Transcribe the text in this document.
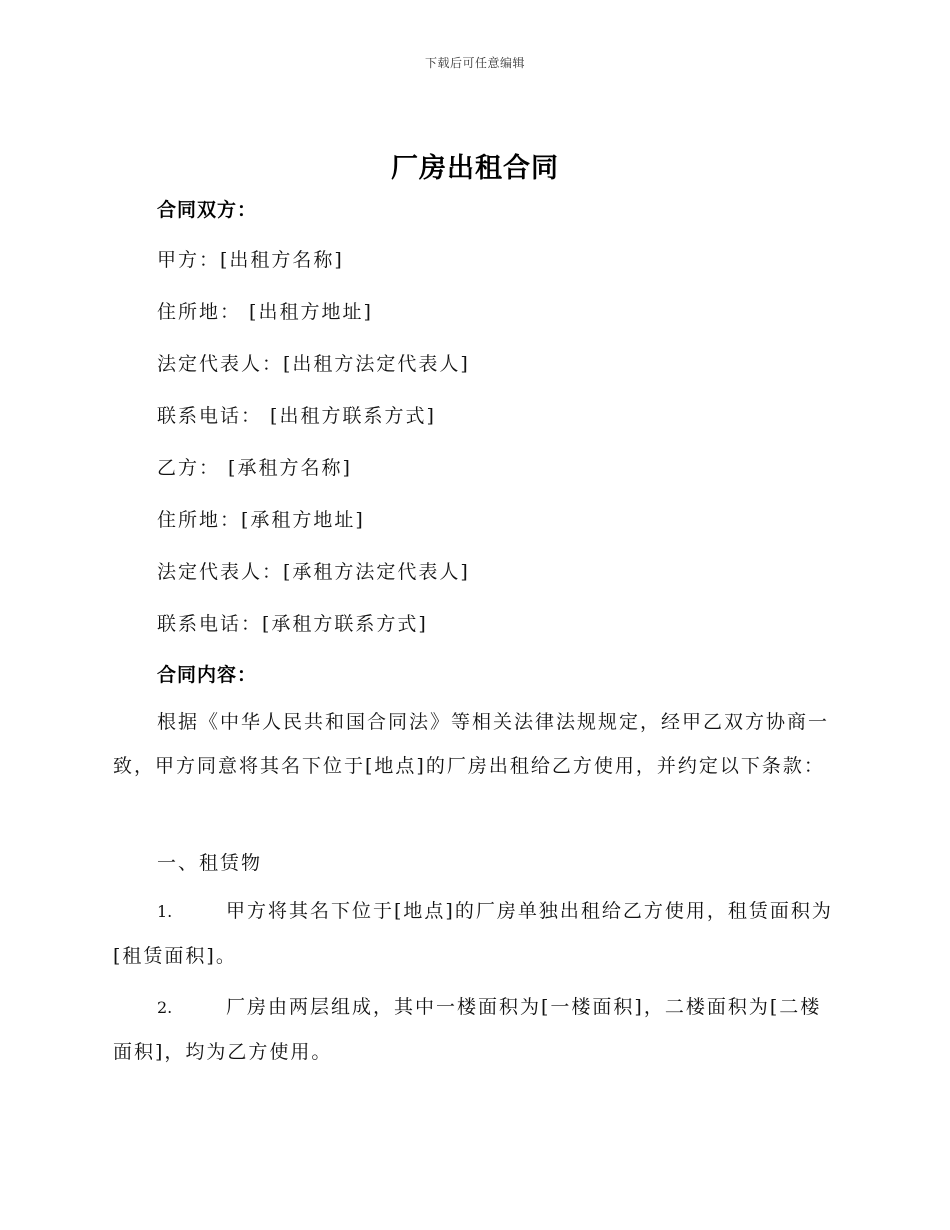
下载后可任意编辑
厂房出租合同
合同双方：
甲方：[出租方名称]
住所地： [出租方地址]
法定代表人：[出租方法定代表人]
联系电话： [出租方联系方式]
乙方： [承租方名称]
住所地：[承租方地址]
法定代表人：[承租方法定代表人]
联系电话：[承租方联系方式]
合同内容：
根据《中华人民共和国合同法》等相关法律法规规定，经甲乙双方协商一致，甲方同意将其名下位于[地点]的厂房出租给乙方使用，并约定以下条款：
一、租赁物
1.	甲方将其名下位于[地点]的厂房单独出租给乙方使用，租赁面积为[租赁面积]。
2.	厂房由两层组成，其中一楼面积为[一楼面积]，二楼面积为[二楼面积]，均为乙方使用。
